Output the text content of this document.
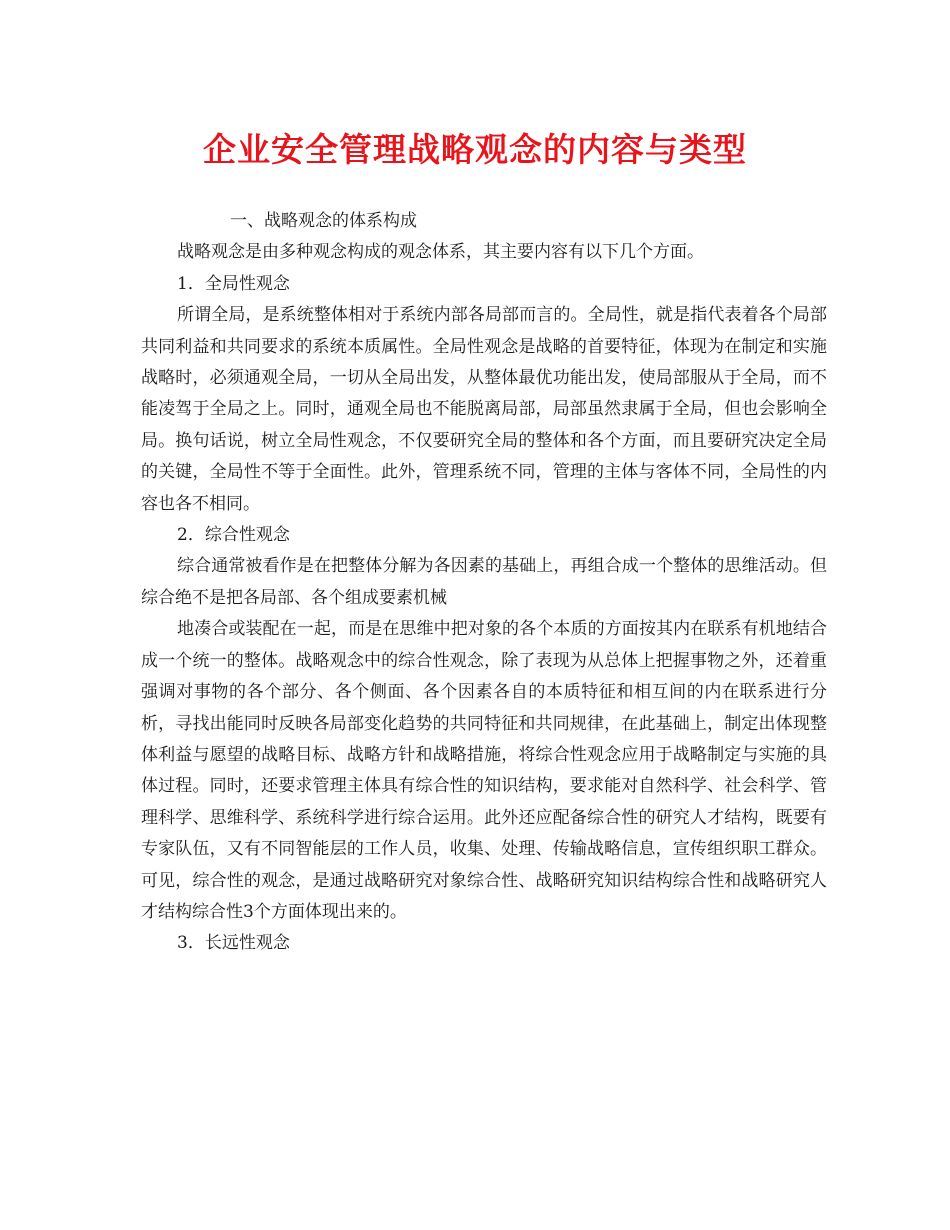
企业安全管理战略观念的内容与类型

一、战略观念的体系构成

战略观念是由多种观念构成的观念体系，其主要内容有以下几个方面。

1．全局性观念

所谓全局，是系统整体相对于系统内部各局部而言的。全局性，就是指代表着各个局部共同利益和共同要求的系统本质属性。全局性观念是战略的首要特征，体现为在制定和实施战略时，必须通观全局，一切从全局出发，从整体最优功能出发，使局部服从于全局，而不能凌驾于全局之上。同时，通观全局也不能脱离局部，局部虽然隶属于全局，但也会影响全局。换句话说，树立全局性观念，不仅要研究全局的整体和各个方面，而且要研究决定全局的关键，全局性不等于全面性。此外，管理系统不同，管理的主体与客体不同，全局性的内容也各不相同。

2．综合性观念

综合通常被看作是在把整体分解为各因素的基础上，再组合成一个整体的思维活动。但综合绝不是把各局部、各个组成要素机械

地凑合或装配在一起，而是在思维中把对象的各个本质的方面按其内在联系有机地结合成一个统一的整体。战略观念中的综合性观念，除了表现为从总体上把握事物之外，还着重强调对事物的各个部分、各个侧面、各个因素各自的本质特征和相互间的内在联系进行分析，寻找出能同时反映各局部变化趋势的共同特征和共同规律，在此基础上，制定出体现整体利益与愿望的战略目标、战略方针和战略措施，将综合性观念应用于战略制定与实施的具体过程。同时，还要求管理主体具有综合性的知识结构，要求能对自然科学、社会科学、管理科学、思维科学、系统科学进行综合运用。此外还应配备综合性的研究人才结构，既要有专家队伍，又有不同智能层的工作人员，收集、处理、传输战略信息，宣传组织职工群众。可见，综合性的观念，是通过战略研究对象综合性、战略研究知识结构综合性和战略研究人才结构综合性3个方面体现出来的。

3．长远性观念
